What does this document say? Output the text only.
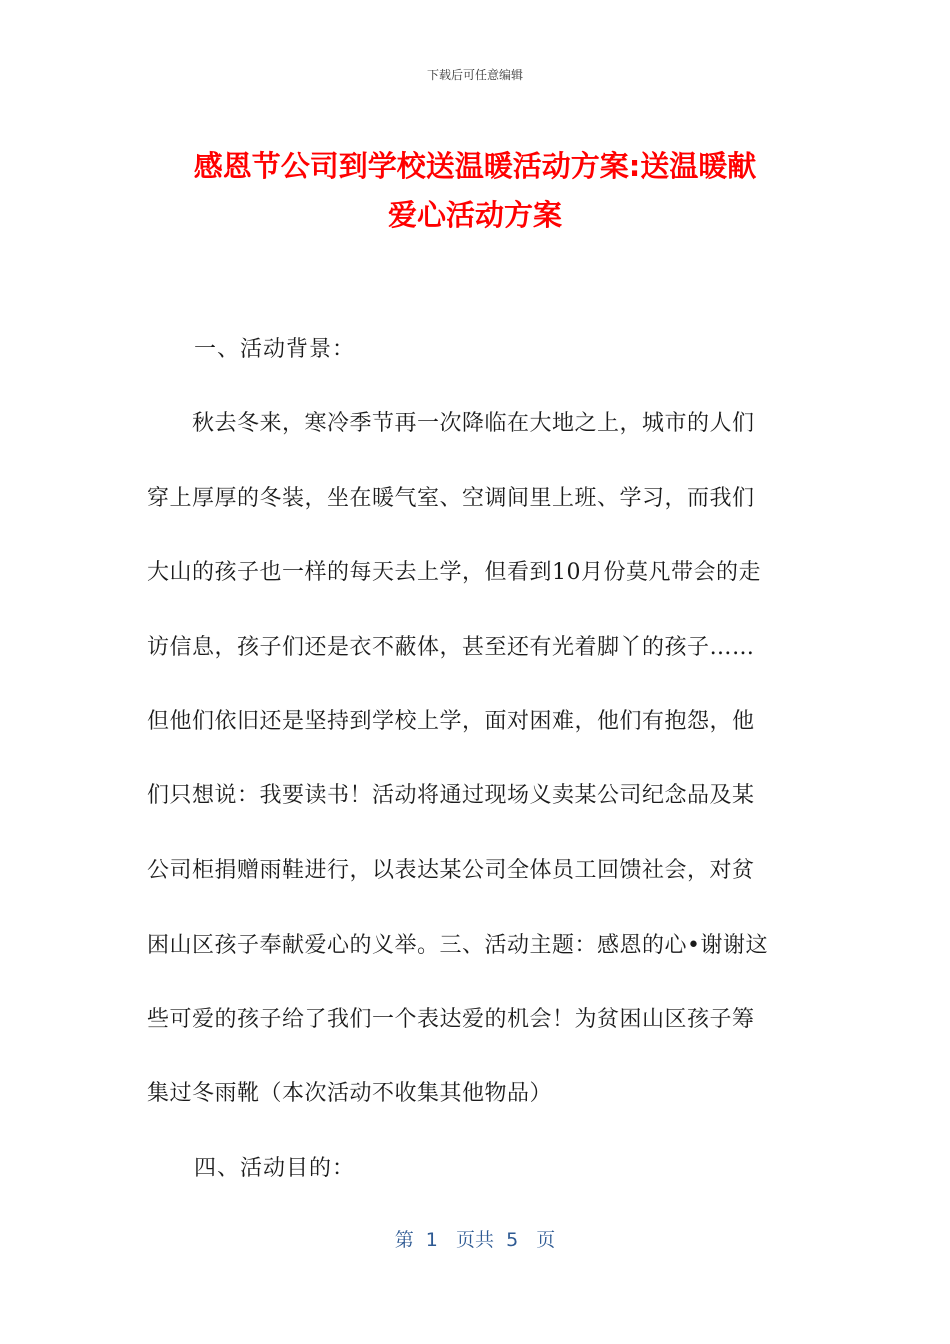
下载后可任意编辑
感恩节公司到学校送温暖活动方案:送温暖献
爱心活动方案
一、活动背景：
　　秋去冬来，寒冷季节再一次降临在大地之上，城市的人们
穿上厚厚的冬装，坐在暖气室、空调间里上班、学习，而我们
大山的孩子也一样的每天去上学，但看到10月份莫凡带会的走
访信息，孩子们还是衣不蔽体，甚至还有光着脚丫的孩子……
但他们依旧还是坚持到学校上学，面对困难，他们有抱怨，他
们只想说：我要读书！活动将通过现场义卖某公司纪念品及某
公司柜捐赠雨鞋进行，以表达某公司全体员工回馈社会，对贫
困山区孩子奉献爱心的义举。三、活动主题：感恩的心•谢谢这
些可爱的孩子给了我们一个表达爱的机会！为贫困山区孩子筹
集过冬雨靴（本次活动不收集其他物品）
四、活动目的：
第  1   页共  5   页
